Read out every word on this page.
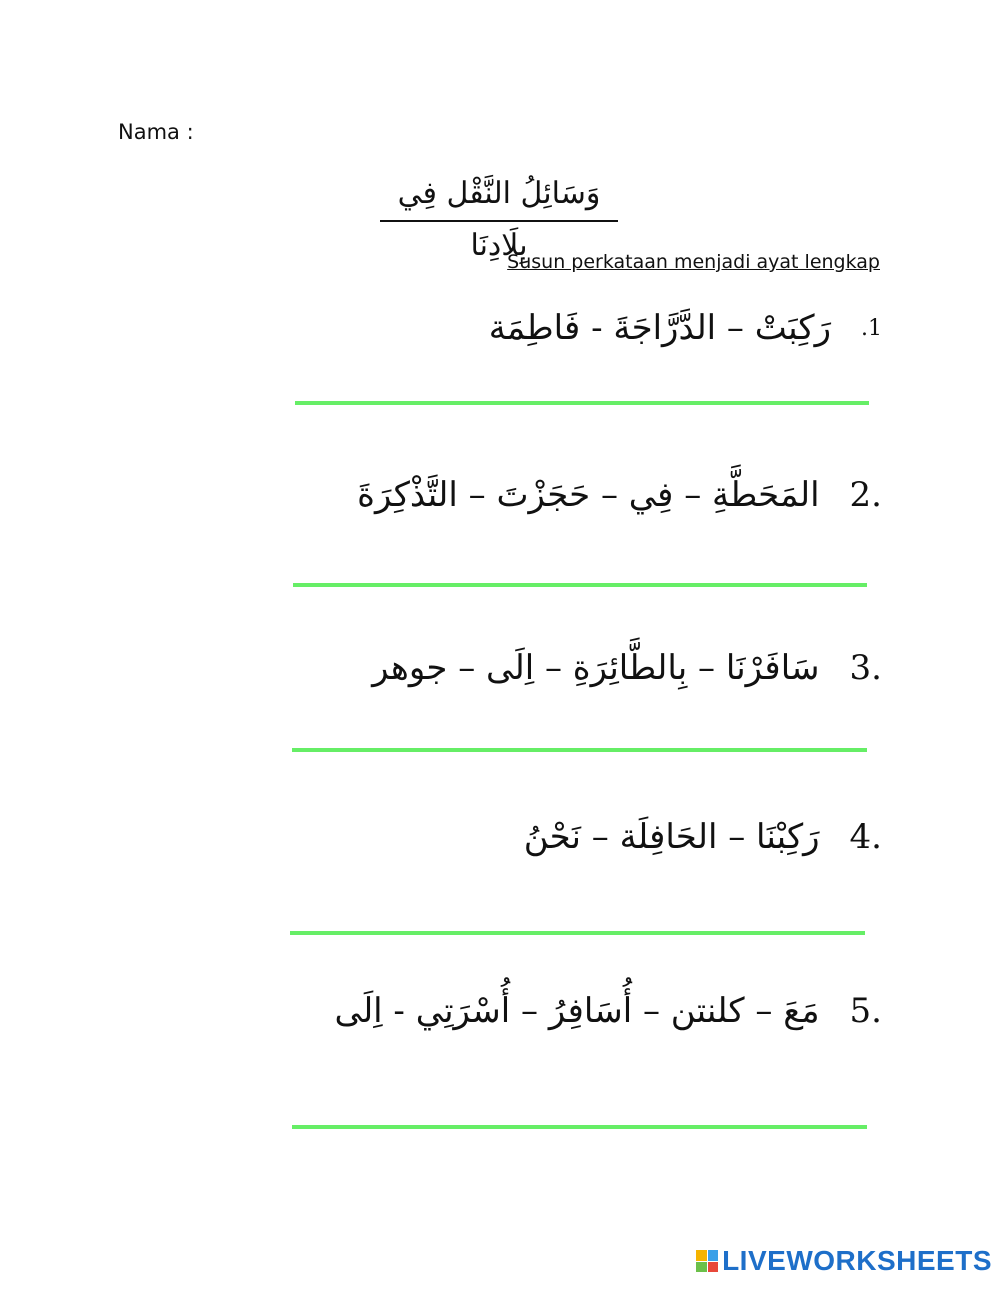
Nama :
وَسَائِلُ النَّقْل فِي بِلَادِنَا
Susun perkataan menjadi ayat lengkap
.1
رَكِبَتْ – الدَّرَّاجَةَ - فَاطِمَة
2.
المَحَطَّةِ – فِي – حَجَزْتَ – التَّذْكِرَةَ
3.
سَافَرْنَا – بِالطَّائِرَةِ – اِلَى – جوهر
4.
رَكِبْنَا – الحَافِلَة – نَحْنُ
5.
مَعَ – كلنتن – أُسَافِرُ – أُسْرَتِي - اِلَى
LIVEWORKSHEETS
